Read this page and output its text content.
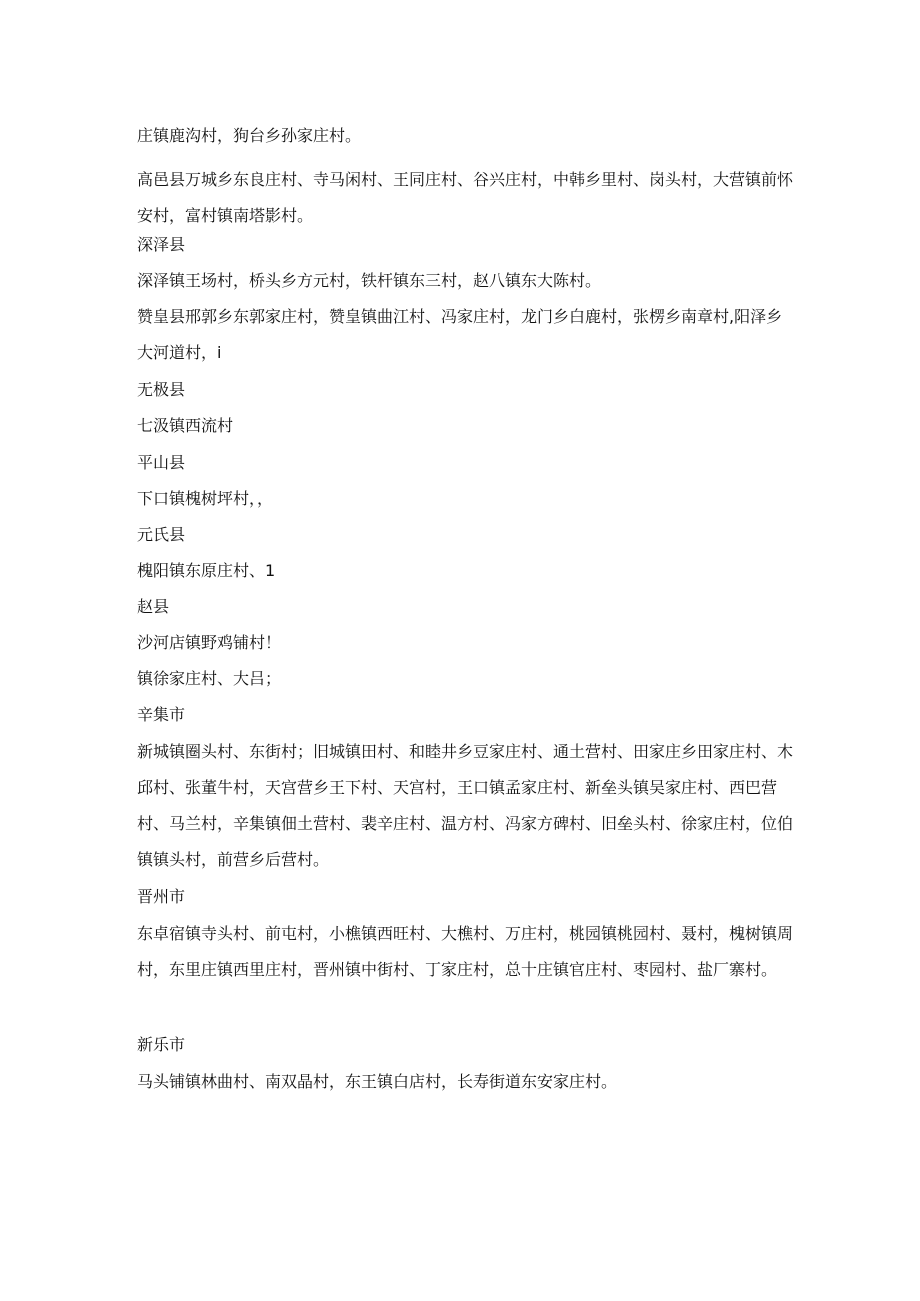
庄镇鹿沟村，狗台乡孙家庄村。

高邑县万城乡东良庄村、寺马闲村、王同庄村、谷兴庄村，中韩乡里村、岗头村，大营镇前怀安村，富村镇南塔影村。

深泽县

深泽镇王场村，桥头乡方元村，铁杆镇东三村，赵八镇东大陈村。

赞皇县邢郭乡东郭家庄村，赞皇镇曲江村、冯家庄村，龙门乡白鹿村，张楞乡南章村,阳泽乡大河道村，i

无极县

七汲镇西流村

平山县

下口镇槐树坪村，，

元氏县

槐阳镇东原庄村、1

赵县

沙河店镇野鸡铺村！

镇徐家庄村、大吕；

辛集市

新城镇圈头村、东街村；旧城镇田村、和睦井乡豆家庄村、通土营村、田家庄乡田家庄村、木邱村、张董牛村，天宫营乡王下村、天宫村，王口镇孟家庄村、新垒头镇吴家庄村、西巴营村、马兰村，辛集镇佃土营村、裴辛庄村、温方村、冯家方碑村、旧垒头村、徐家庄村，位伯镇镇头村，前营乡后营村。

晋州市

东卓宿镇寺头村、前屯村，小樵镇西旺村、大樵村、万庄村，桃园镇桃园村、聂村，槐树镇周村，东里庄镇西里庄村，晋州镇中街村、丁家庄村，总十庄镇官庄村、枣园村、盐厂寨村。

新乐市

马头铺镇林曲村、南双晶村，东王镇白店村，长寿街道东安家庄村。
